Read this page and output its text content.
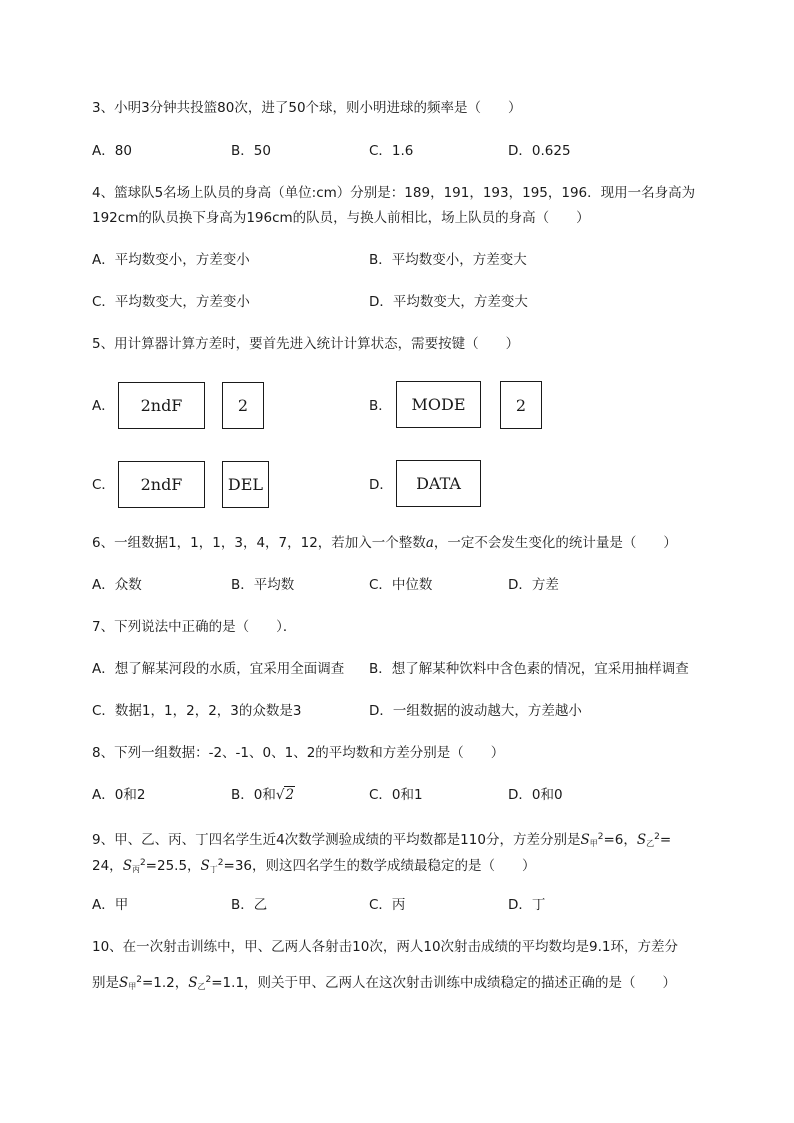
3、小明3分钟共投篮80次，进了50个球，则小明进球的频率是（　　）
A．80	B．50	C．1.6	D．0.625
4、篮球队5名场上队员的身高（单位:cm）分别是：189，191，193，195，196．现用一名身高为
192cm的队员换下身高为196cm的队员，与换人前相比，场上队员的身高（　　）
A．平均数变小，方差变小	B．平均数变小，方差变大
C．平均数变大，方差变小	D．平均数变大，方差变大
5、用计算器计算方差时，要首先进入统计计算状态，需要按键（　　）
A．	2ndF	2	B．	MODE	2
C．	2ndF	DEL	D．	DATA
6、一组数据1，1，1，3，4，7，12，若加入一个整数a，一定不会发生变化的统计量是（　　）
A．众数	B．平均数	C．中位数	D．方差
7、下列说法中正确的是（　　）．
A．想了解某河段的水质，宜采用全面调查 B．想了解某种饮料中含色素的情况，宜采用抽样调查
C．数据1，1，2，2，3的众数是3	D．一组数据的波动越大，方差越小
8、下列一组数据：-2、-1、0、1、2的平均数和方差分别是（　　）
A．0和2	B．0和√2	C．0和1	D．0和0
9、甲、乙、丙、丁四名学生近4次数学测验成绩的平均数都是110分，方差分别是$S_甲^2=6$，$S_乙^2=$
24，$S_丙^2=25.5$，$S_丁^2=36$，则这四名学生的数学成绩最稳定的是（　　）
A．甲	B．乙	C．丙	D．丁
10、在一次射击训练中，甲、乙两人各射击10次，两人10次射击成绩的平均数均是9.1环，方差分
别是$S_甲^2=1.2$，$S_乙^2=1.1$，则关于甲、乙两人在这次射击训练中成绩稳定的描述正确的是（　　）
